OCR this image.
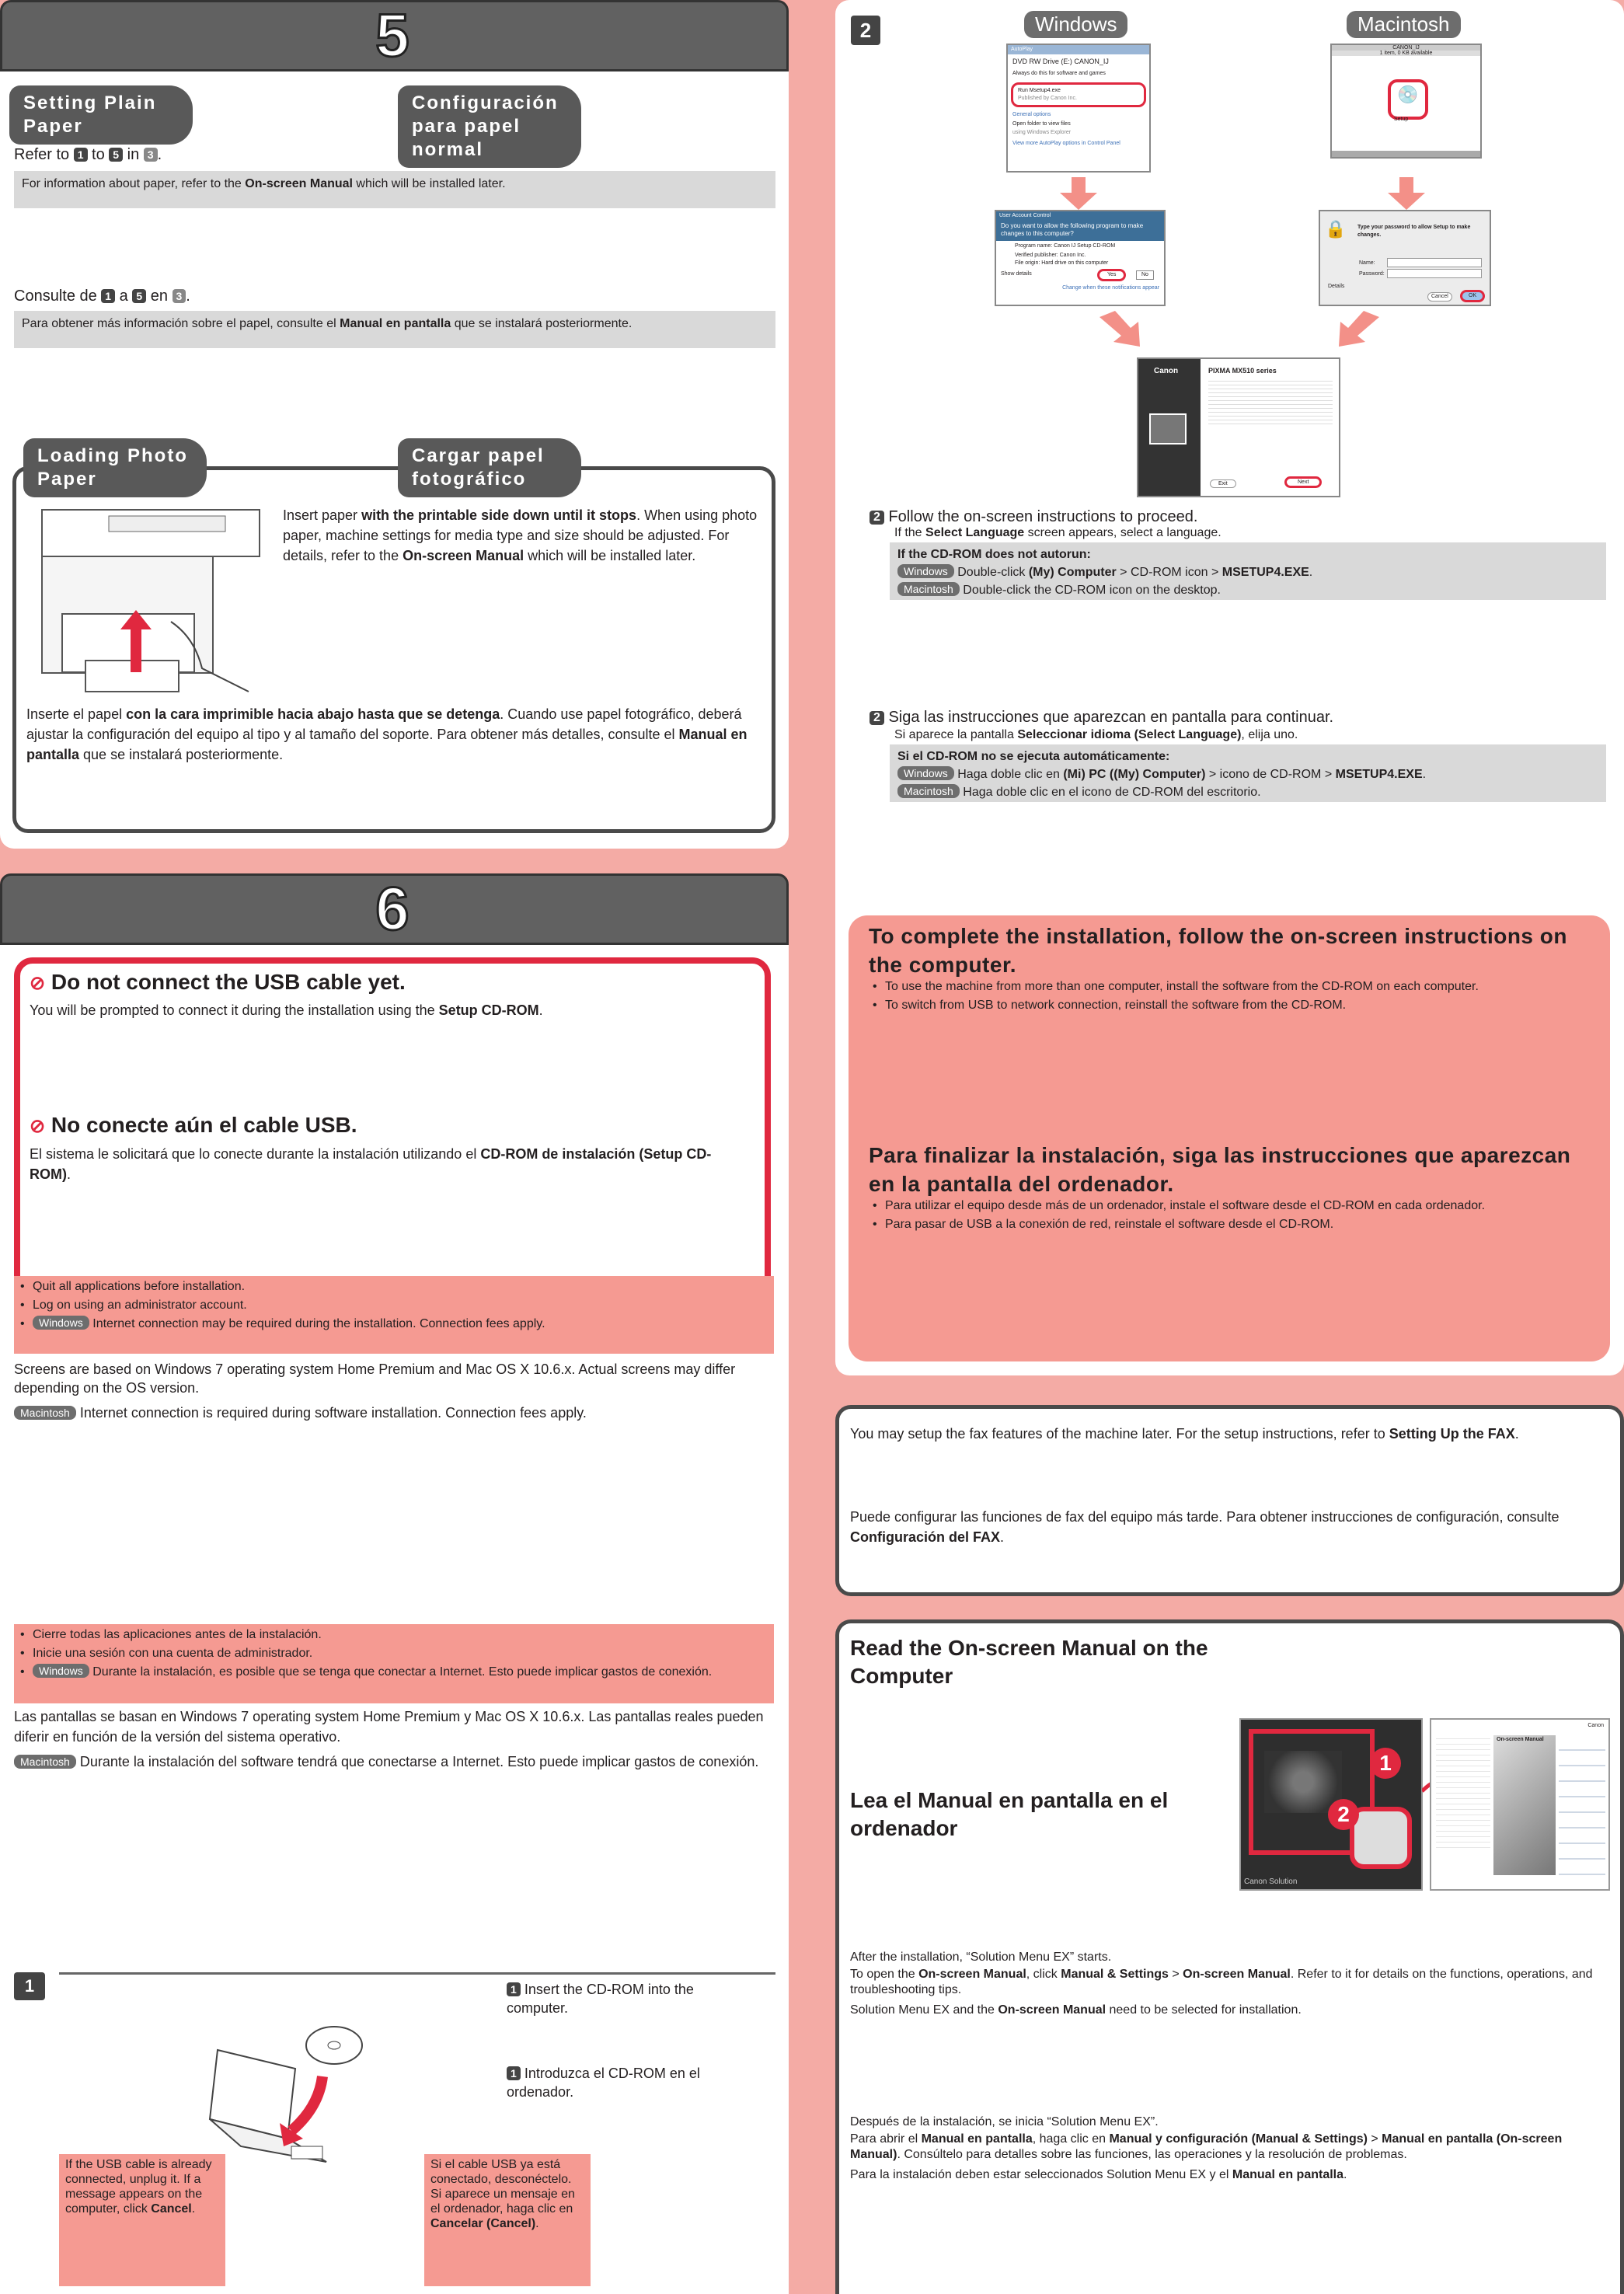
5
Setting Plain Paper
Configuración para papel normal
Refer to 1 to 5 in 3 .
For information about paper, refer to the On-screen Manual which will be installed later.
Consulte de 1 a 5 en 3 .
Para obtener más información sobre el papel, consulte el Manual en pantalla que se instalará posteriormente.
Loading Photo Paper
Cargar papel fotográfico
Insert paper with the printable side down until it stops. When using photo paper, machine settings for media type and size should be adjusted. For details, refer to the On-screen Manual which will be installed later.
Inserte el papel con la cara imprimible hacia abajo hasta que se detenga. Cuando use papel fotográfico, deberá ajustar la configuración del equipo al tipo y al tamaño del soporte. Para obtener más detalles, consulte el Manual en pantalla que se instalará posteriormente.
6
⊘ Do not connect the USB cable yet.
You will be prompted to connect it during the installation using the Setup CD-ROM.
⊘ No conecte aún el cable USB.
El sistema le solicitará que lo conecte durante la instalación utilizando el CD-ROM de instalación (Setup CD-ROM).
• Quit all applications before installation.
• Log on using an administrator account.
• Windows Internet connection may be required during the installation. Connection fees apply.
Screens are based on Windows 7 operating system Home Premium and Mac OS X 10.6.x. Actual screens may differ depending on the OS version.
Macintosh Internet connection is required during software installation. Connection fees apply.
• Cierre todas las aplicaciones antes de la instalación.
• Inicie una sesión con una cuenta de administrador.
• Windows Durante la instalación, es posible que se tenga que conectar a Internet. Esto puede implicar gastos de conexión.
Las pantallas se basan en Windows 7 operating system Home Premium y Mac OS X 10.6.x. Las pantallas reales pueden diferir en función de la versión del sistema operativo.
Macintosh Durante la instalación del software tendrá que conectarse a Internet. Esto puede implicar gastos de conexión.
1	1 Insert the CD-ROM into the computer.
1 Introduzca el CD-ROM en el ordenador.
If the USB cable is already connected, unplug it. If a message appears on the computer, click Cancel.
Si el cable USB ya está conectado, desconéctelo. Si aparece un mensaje en el ordenador, haga clic en Cancelar (Cancel).
2	Windows	Macintosh
AutoPlay
DVD RW Drive (E:) CANON_IJ
Always do this for software and games
Run Msetup4.exe
Published by Canon Inc.
General options
Open folder to view files
using Windows Explorer
View more AutoPlay options in Control Panel
CANON_IJ
1 item, 0 KB available
💿
Setup
User Account Control
Do you want to allow the following program to make changes to this computer?
Program name: Canon IJ Setup CD-ROM
Verified publisher: Canon Inc.
File origin: Hard drive on this computer
Show details	Yes	No
Change when these notifications appear
🔒 Type your password to allow Setup to make changes.
Name:
Password:
Details
Cancel	OK
Canon	PIXMA MX510 series
Exit	Next
2 Follow the on-screen instructions to proceed.
If the Select Language screen appears, select a language.
If the CD-ROM does not autorun:
Windows Double-click (My) Computer > CD-ROM icon > MSETUP4.EXE.
Macintosh Double-click the CD-ROM icon on the desktop.
2 Siga las instrucciones que aparezcan en pantalla para continuar.
Si aparece la pantalla Seleccionar idioma (Select Language), elija uno.
Si el CD-ROM no se ejecuta automáticamente:
Windows Haga doble clic en (Mi) PC ((My) Computer) > icono de CD-ROM > MSETUP4.EXE.
Macintosh Haga doble clic en el icono de CD-ROM del escritorio.
To complete the installation, follow the on-screen instructions on the computer.
• To use the machine from more than one computer, install the software from the CD-ROM on each computer.
• To switch from USB to network connection, reinstall the software from the CD-ROM.
Para finalizar la instalación, siga las instrucciones que aparezcan en la pantalla del ordenador.
• Para utilizar el equipo desde más de un ordenador, instale el software desde el CD-ROM en cada ordenador.
• Para pasar de USB a la conexión de red, reinstale el software desde el CD-ROM.
You may setup the fax features of the machine later. For the setup instructions, refer to Setting Up the FAX.
Puede configurar las funciones de fax del equipo más tarde. Para obtener instrucciones de configuración, consulte Configuración del FAX.
Read the On-screen Manual on the Computer
Lea el Manual en pantalla en el ordenador
Canon Solution
1
2
Canon
On-screen Manual
After the installation, “Solution Menu EX” starts.
To open the On-screen Manual, click Manual & Settings > On-screen Manual. Refer to it for details on the functions, operations, and troubleshooting tips.
Solution Menu EX and the On-screen Manual need to be selected for installation.
Después de la instalación, se inicia “Solution Menu EX”.
Para abrir el Manual en pantalla, haga clic en Manual y configuración (Manual & Settings) > Manual en pantalla (On-screen Manual). Consúltelo para detalles sobre las funciones, las operaciones y la resolución de problemas.
Para la instalación deben estar seleccionados Solution Menu EX y el Manual en pantalla.
